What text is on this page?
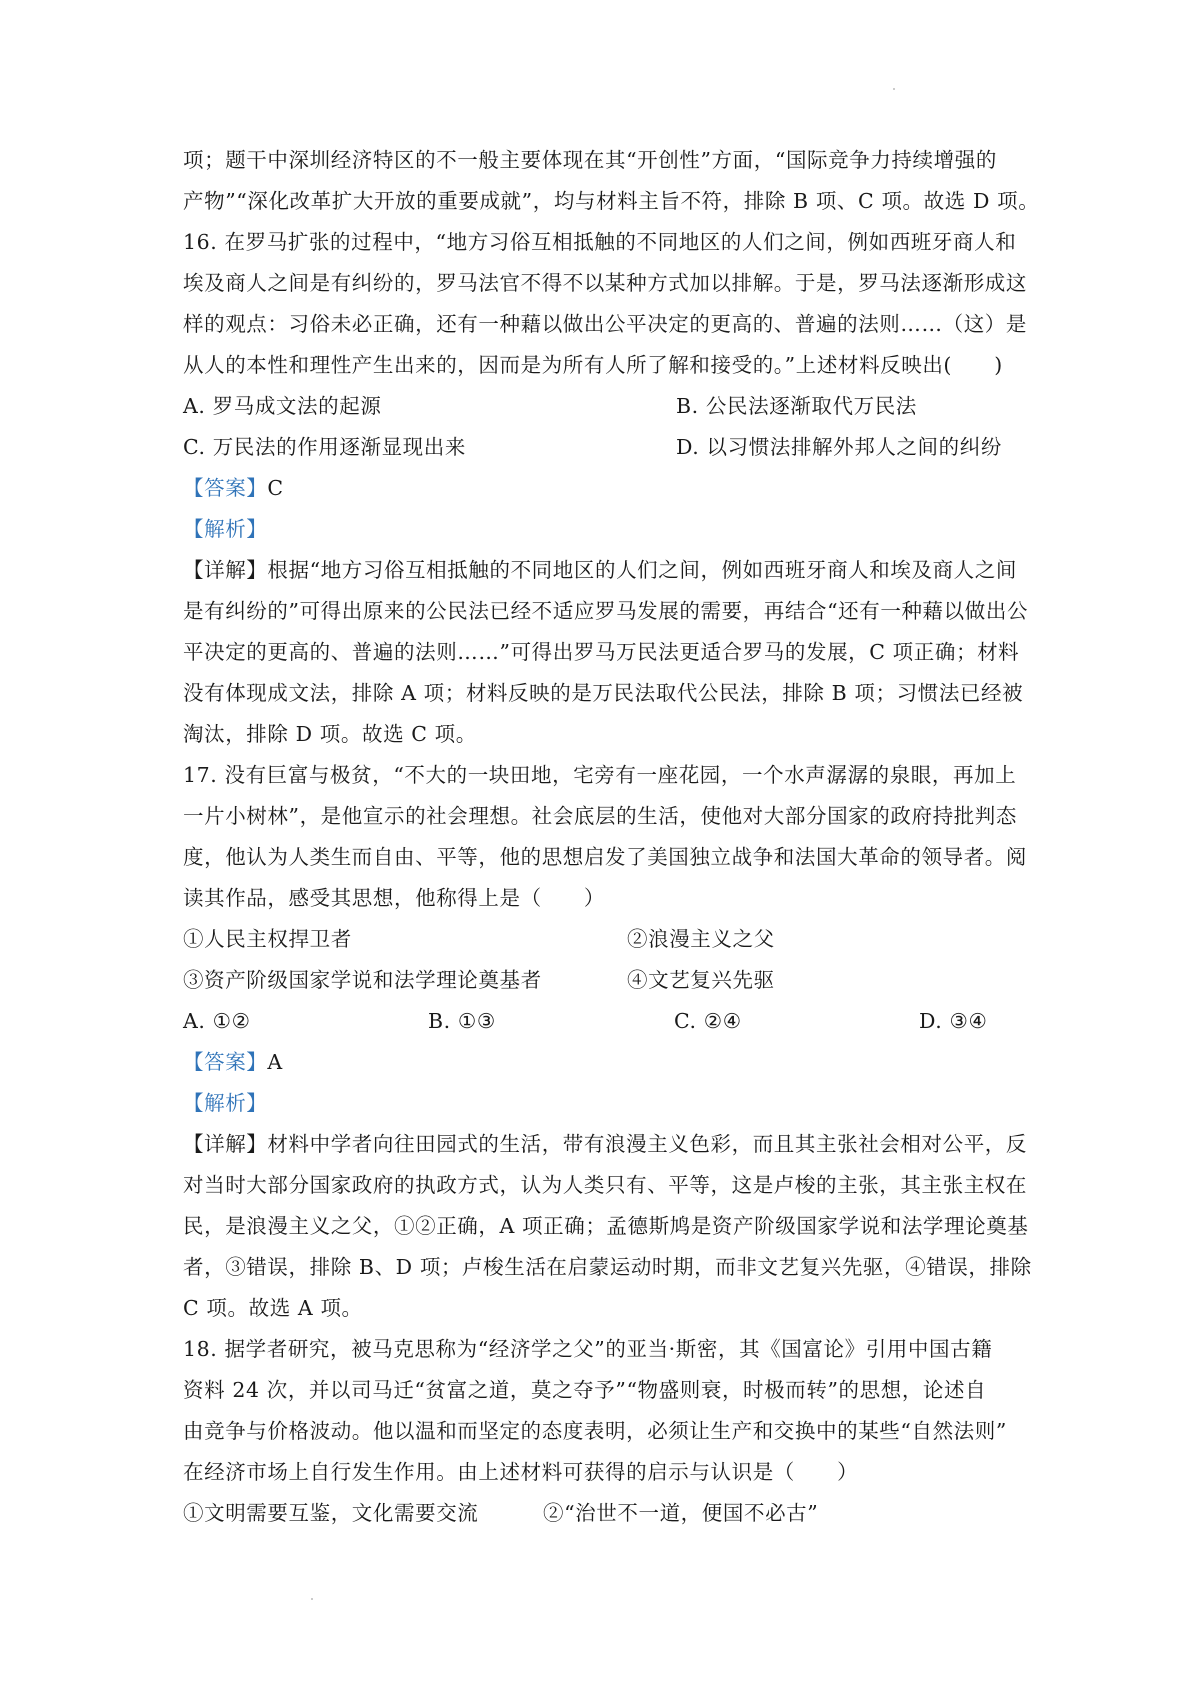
项；题干中深圳经济特区的不一般主要体现在其“开创性”方面，“国际竞争力持续增强的
产物”“深化改革扩大开放的重要成就”，均与材料主旨不符，排除 B 项、C 项。故选 D 项。
16. 在罗马扩张的过程中，“地方习俗互相抵触的不同地区的人们之间，例如西班牙商人和
埃及商人之间是有纠纷的，罗马法官不得不以某种方式加以排解。于是，罗马法逐渐形成这
样的观点：习俗未必正确，还有一种藉以做出公平决定的更高的、普遍的法则……（这）是
从人的本性和理性产生出来的，因而是为所有人所了解和接受的。”上述材料反映出(　　)
A. 罗马成文法的起源	B. 公民法逐渐取代万民法
C. 万民法的作用逐渐显现出来	D. 以习惯法排解外邦人之间的纠纷
【答案】C
【解析】
【详解】根据“地方习俗互相抵触的不同地区的人们之间，例如西班牙商人和埃及商人之间
是有纠纷的”可得出原来的公民法已经不适应罗马发展的需要，再结合“还有一种藉以做出公
平决定的更高的、普遍的法则……”可得出罗马万民法更适合罗马的发展，C 项正确；材料
没有体现成文法，排除 A 项；材料反映的是万民法取代公民法，排除 B 项；习惯法已经被
淘汰，排除 D 项。故选 C 项。
17. 没有巨富与极贫，“不大的一块田地，宅旁有一座花园，一个水声潺潺的泉眼，再加上
一片小树林”，是他宣示的社会理想。社会底层的生活，使他对大部分国家的政府持批判态
度，他认为人类生而自由、平等，他的思想启发了美国独立战争和法国大革命的领导者。阅
读其作品，感受其思想，他称得上是（　　）
①人民主权捍卫者	②浪漫主义之父
③资产阶级国家学说和法学理论奠基者	④文艺复兴先驱
A. ①②	B. ①③	C. ②④	D. ③④
【答案】A
【解析】
【详解】材料中学者向往田园式的生活，带有浪漫主义色彩，而且其主张社会相对公平，反
对当时大部分国家政府的执政方式，认为人类只有、平等，这是卢梭的主张，其主张主权在
民，是浪漫主义之父，①②正确，A 项正确；孟德斯鸠是资产阶级国家学说和法学理论奠基
者，③错误，排除 B、D 项；卢梭生活在启蒙运动时期，而非文艺复兴先驱，④错误，排除
C 项。故选 A 项。
18. 据学者研究，被马克思称为“经济学之父”的亚当·斯密，其《国富论》引用中国古籍
资料 24 次，并以司马迁“贫富之道，莫之夺予”“物盛则衰，时极而转”的思想，论述自
由竞争与价格波动。他以温和而坚定的态度表明，必须让生产和交换中的某些“自然法则”
在经济市场上自行发生作用。由上述材料可获得的启示与认识是（　　）
①文明需要互鉴，文化需要交流	②“治世不一道，便国不必古”
